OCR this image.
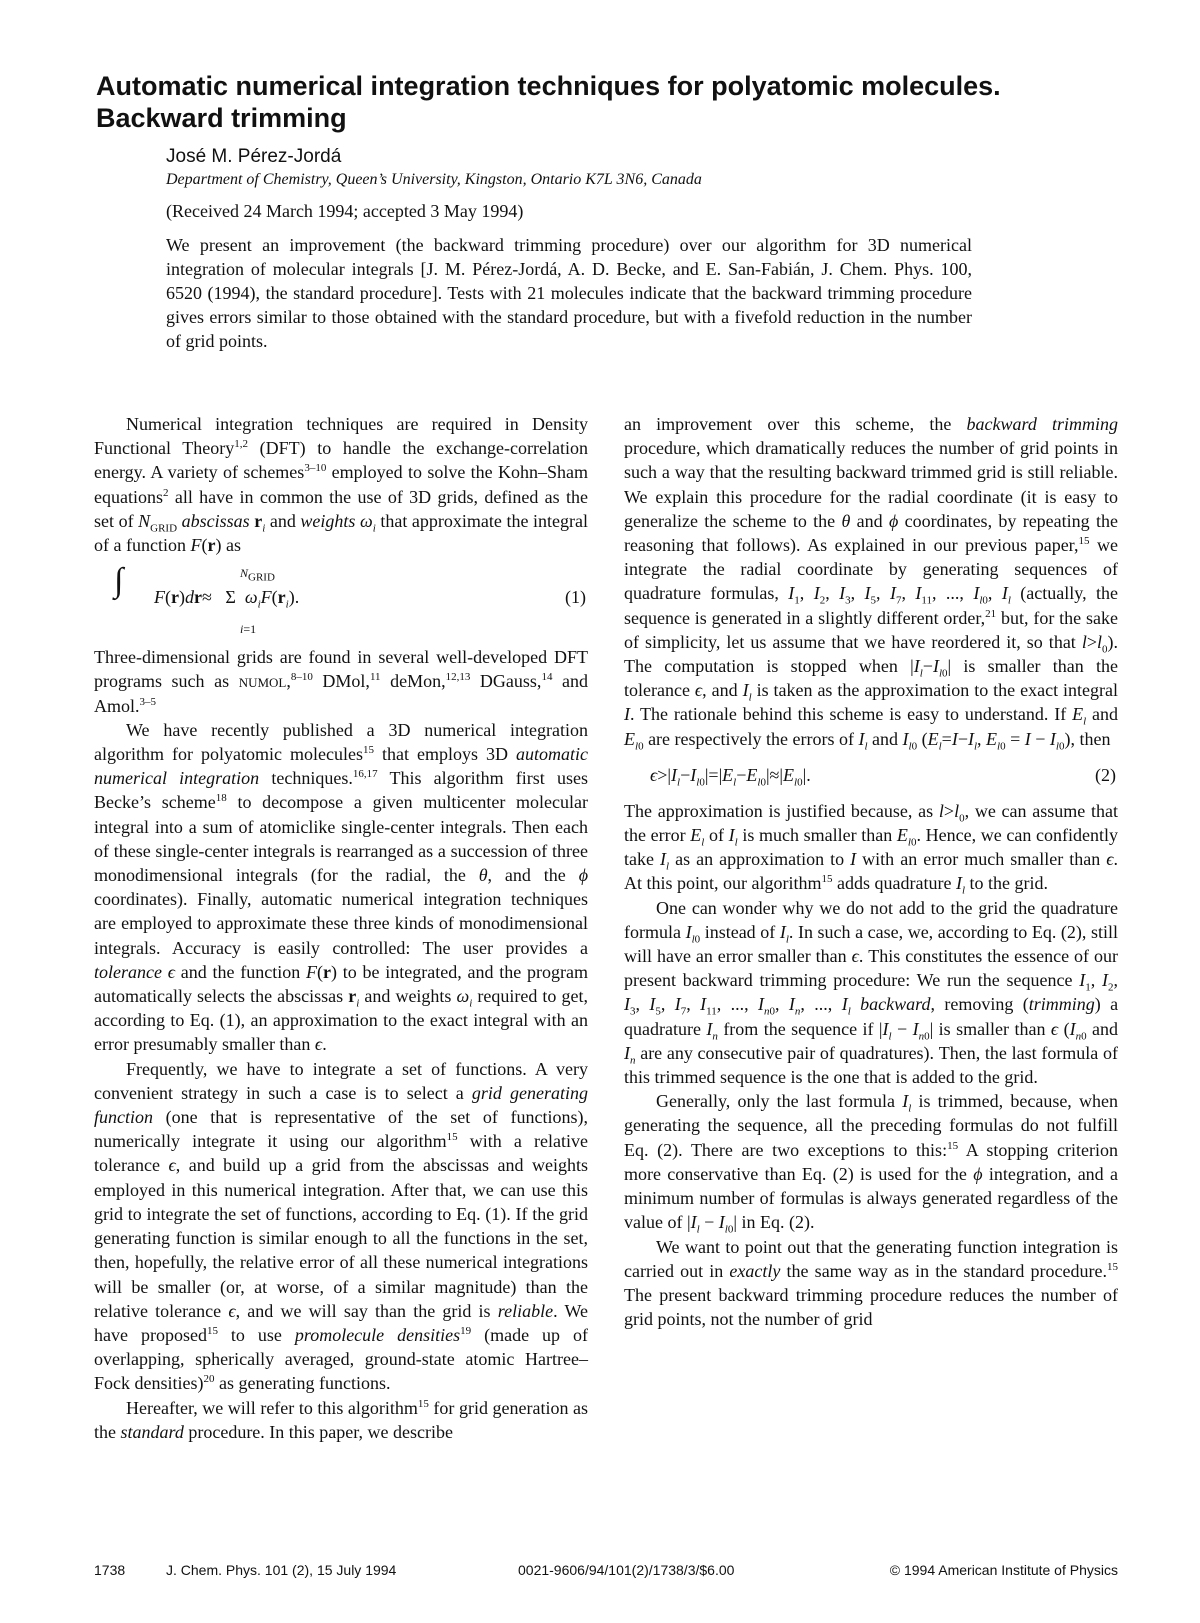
Automatic numerical integration techniques for polyatomic molecules. Backward trimming
José M. Pérez-Jordá
Department of Chemistry, Queen’s University, Kingston, Ontario K7L 3N6, Canada
(Received 24 March 1994; accepted 3 May 1994)

We present an improvement (the backward trimming procedure) over our algorithm for 3D numerical integration of molecular integrals [J. M. Pérez-Jordá, A. D. Becke, and E. San-Fabián, J. Chem. Phys. 100, 6520 (1994), the standard procedure]. Tests with 21 molecules indicate that the backward trimming procedure gives errors similar to those obtained with the standard procedure, but with a fivefold reduction in the number of grid points.

Numerical integration techniques are required in Density Functional Theory$^{1,2}$ (DFT) to handle the exchange-correlation energy. A variety of schemes$^{3-10}$ employed to solve the Kohn–Sham equations$^2$ all have in common the use of 3D grids, defined as the set of $N_{GRID}$ abscissas $r_i$ and weights $\omega_i$ that approximate the integral of a function F(r) as

∫	$N_{GRID}$
F(r)dr≈   Σ  $\omega_iF(r_i)$.
i=1
(1)

Three-dimensional grids are found in several well-developed DFT programs such as numol,$^{8-10}$ DMol,$^{11}$ deMon,$^{12,13}$ DGauss,$^{14}$ and Amol.$^{3-5}$

We have recently published a 3D numerical integration algorithm for polyatomic molecules$^{15}$ that employs 3D automatic numerical integration techniques.$^{16,17}$ This algorithm first uses Becke’s scheme$^{18}$ to decompose a given multicenter molecular integral into a sum of atomiclike single-center integrals. Then each of these single-center integrals is rearranged as a succession of three monodimensional integrals (for the radial, the θ, and the ϕ coordinates). Finally, automatic numerical integration techniques are employed to approximate these three kinds of monodimensional integrals. Accuracy is easily controlled: The user provides a tolerance ϵ and the function F(r) to be integrated, and the program automatically selects the abscissas $r_i$ and weights $\omega_i$ required to get, according to Eq. (1), an approximation to the exact integral with an error presumably smaller than ϵ.

Frequently, we have to integrate a set of functions. A very convenient strategy in such a case is to select a grid generating function (one that is representative of the set of functions), numerically integrate it using our algorithm$^{15}$ with a relative tolerance ϵ, and build up a grid from the abscissas and weights employed in this numerical integration. After that, we can use this grid to integrate the set of functions, according to Eq. (1). If the grid generating function is similar enough to all the functions in the set, then, hopefully, the relative error of all these numerical integrations will be smaller (or, at worse, of a similar magnitude) than the relative tolerance ϵ, and we will say than the grid is reliable. We have proposed$^{15}$ to use promolecule densities$^{19}$ (made up of overlapping, spherically averaged, ground-state atomic Hartree–Fock densities)$^{20}$ as generating functions.

Hereafter, we will refer to this algorithm$^{15}$ for grid generation as the standard procedure. In this paper, we describe

an improvement over this scheme, the backward trimming procedure, which dramatically reduces the number of grid points in such a way that the resulting backward trimmed grid is still reliable. We explain this procedure for the radial coordinate (it is easy to generalize the scheme to the θ and ϕ coordinates, by repeating the reasoning that follows). As explained in our previous paper,$^{15}$ we integrate the radial coordinate by generating sequences of quadrature formulas, $I_1$, $I_2$, $I_3$, $I_5$, $I_7$, $I_{11}$, ..., $I_{l0}$, $I_l$ (actually, the sequence is generated in a slightly different order,$^{21}$ but, for the sake of simplicity, let us assume that we have reordered it, so that $l>l_0$). The computation is stopped when $|I_l-I_{l0}|$ is smaller than the tolerance ϵ, and $I_l$ is taken as the approximation to the exact integral I. The rationale behind this scheme is easy to understand. If $E_l$ and $E_{l0}$ are respectively the errors of $I_l$ and $I_{l0}$ ($E_l=I-I_l$, $E_{l0} = I - I_{l0}$), then

$\epsilon>|I_l-I_{l0}|=|E_l-E_{l0}|\approx|E_{l0}|$.	(2)

The approximation is justified because, as $l>l_0$, we can assume that the error $E_l$ of $I_l$ is much smaller than $E_{l0}$. Hence, we can confidently take $I_l$ as an approximation to I with an error much smaller than ϵ. At this point, our algorithm$^{15}$ adds quadrature $I_l$ to the grid.

One can wonder why we do not add to the grid the quadrature formula $I_{l0}$ instead of $I_l$. In such a case, we, according to Eq. (2), still will have an error smaller than ϵ. This constitutes the essence of our present backward trimming procedure: We run the sequence $I_1$, $I_2$, $I_3$, $I_5$, $I_7$, $I_{11}$, ..., $I_{n0}$, $I_n$, ..., $I_l$ backward, removing (trimming) a quadrature $I_n$ from the sequence if $|I_l - I_{n0}|$ is smaller than ϵ ($I_{n0}$ and $I_n$ are any consecutive pair of quadratures). Then, the last formula of this trimmed sequence is the one that is added to the grid.

Generally, only the last formula $I_l$ is trimmed, because, when generating the sequence, all the preceding formulas do not fulfill Eq. (2). There are two exceptions to this:$^{15}$ A stopping criterion more conservative than Eq. (2) is used for the ϕ integration, and a minimum number of formulas is always generated regardless of the value of $|I_l - I_{l0}|$ in Eq. (2).

We want to point out that the generating function integration is carried out in exactly the same way as in the standard procedure.$^{15}$ The present backward trimming procedure reduces the number of grid points, not the number of grid

1738	J. Chem. Phys. 101 (2), 15 July 1994	0021-9606/94/101(2)/1738/3/$6.00	© 1994 American Institute of Physics
